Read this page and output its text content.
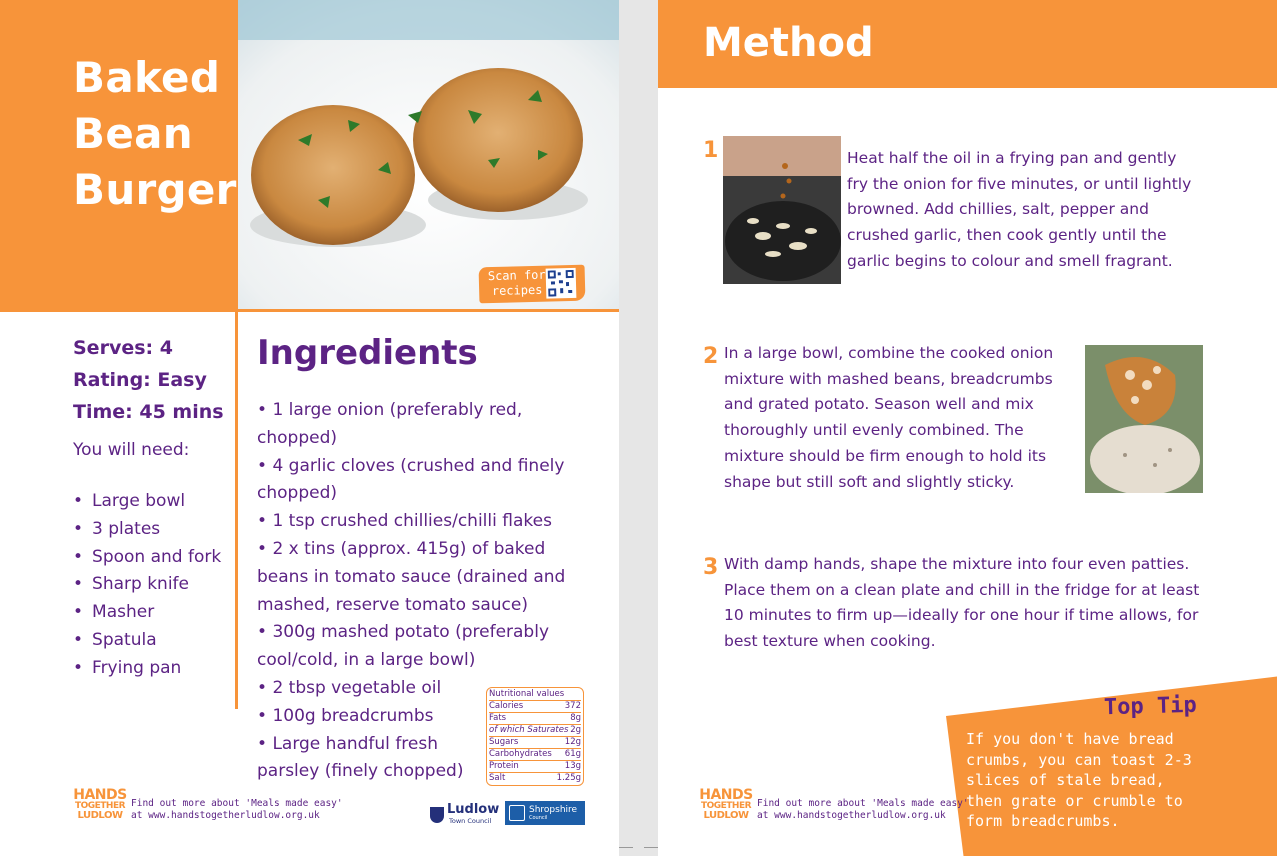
Baked
Bean
Burger
Scan for recipes
Serves: 4
Rating: Easy
Time: 45 mins
You will need:
• Large bowl
• 3 plates
• Spoon and fork
• Sharp knife
• Masher
• Spatula
• Frying pan
Ingredients
• 1 large onion (preferably red, chopped)
• 4 garlic cloves (crushed and finely chopped)
• 1 tsp crushed chillies/chilli flakes
• 2 x tins (approx. 415g) of baked beans in tomato sauce (drained and mashed, reserve tomato sauce)
• 300g mashed potato (preferably cool/cold, in a large bowl)
• 2 tbsp vegetable oil
• 100g breadcrumbs
• Large handful fresh parsley (finely chopped)
Nutritional values
Calories	372
Fats	8g
of which Saturates 2g
Sugars	12g
Carbohydrates 61g
Protein	13g
Salt	1.25g
HANDS
TOGETHER
LUDLOW
Find out more about 'Meals made easy'
at www.handstogetherludlow.org.uk	Ludlow
Town Council
Shropshire
Council
Method
1	Heat half the oil in a frying pan and gently fry the onion for five minutes, or until lightly browned. Add chillies, salt, pepper and crushed garlic, then cook gently until the garlic begins to colour and smell fragrant.
2 In a large bowl, combine the cooked onion mixture with mashed beans, breadcrumbs and grated potato. Season well and mix thoroughly until evenly combined. The mixture should be firm enough to hold its shape but still soft and slightly sticky.
3 With damp hands, shape the mixture into four even patties. Place them on a clean plate and chill in the fridge for at least 10 minutes to firm up—ideally for one hour if time allows, for best texture when cooking.
Top Tip
If you don't have bread crumbs, you can toast 2-3 slices of stale bread, then grate or crumble to form breadcrumbs.
HANDS
TOGETHER
LUDLOW
Find out more about 'Meals made easy'
at www.handstogetherludlow.org.uk
